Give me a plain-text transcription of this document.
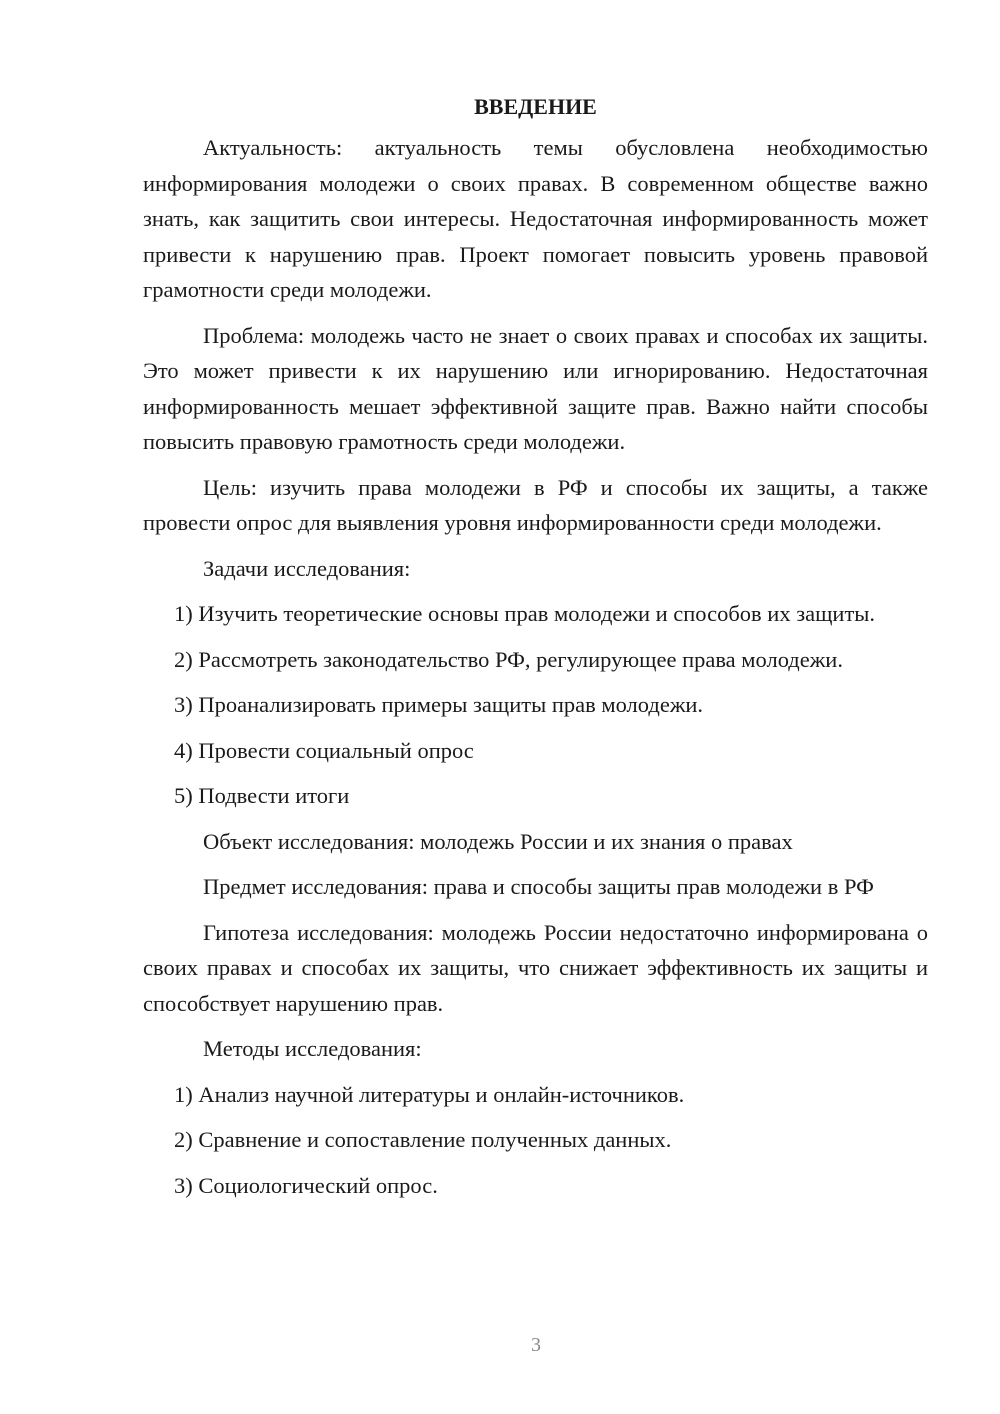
ВВЕДЕНИЕ

Актуальность: актуальность темы обусловлена необходимостью информирования молодежи о своих правах. В современном обществе важно знать, как защитить свои интересы. Недостаточная информированность может привести к нарушению прав. Проект помогает повысить уровень правовой грамотности среди молодежи.

Проблема: молодежь часто не знает о своих правах и способах их защиты. Это может привести к их нарушению или игнорированию. Недостаточная информированность мешает эффективной защите прав. Важно найти способы повысить правовую грамотность среди молодежи.

Цель: изучить права молодежи в РФ и способы их защиты, а также провести опрос для выявления уровня информированности среди молодежи.

Задачи исследования:

1) Изучить теоретические основы прав молодежи и способов их защиты.

2) Рассмотреть законодательство РФ, регулирующее права молодежи.

3) Проанализировать примеры защиты прав молодежи.

4) Провести социальный опрос

5) Подвести итоги

Объект исследования: молодежь России и их знания о правах

Предмет исследования: права и способы защиты прав молодежи в РФ

Гипотеза исследования: молодежь России недостаточно информирована о своих правах и способах их защиты, что снижает эффективность их защиты и способствует нарушению прав.

Методы исследования:

1) Анализ научной литературы и онлайн-источников.

2) Сравнение и сопоставление полученных данных.

3) Социологический опрос.

3
